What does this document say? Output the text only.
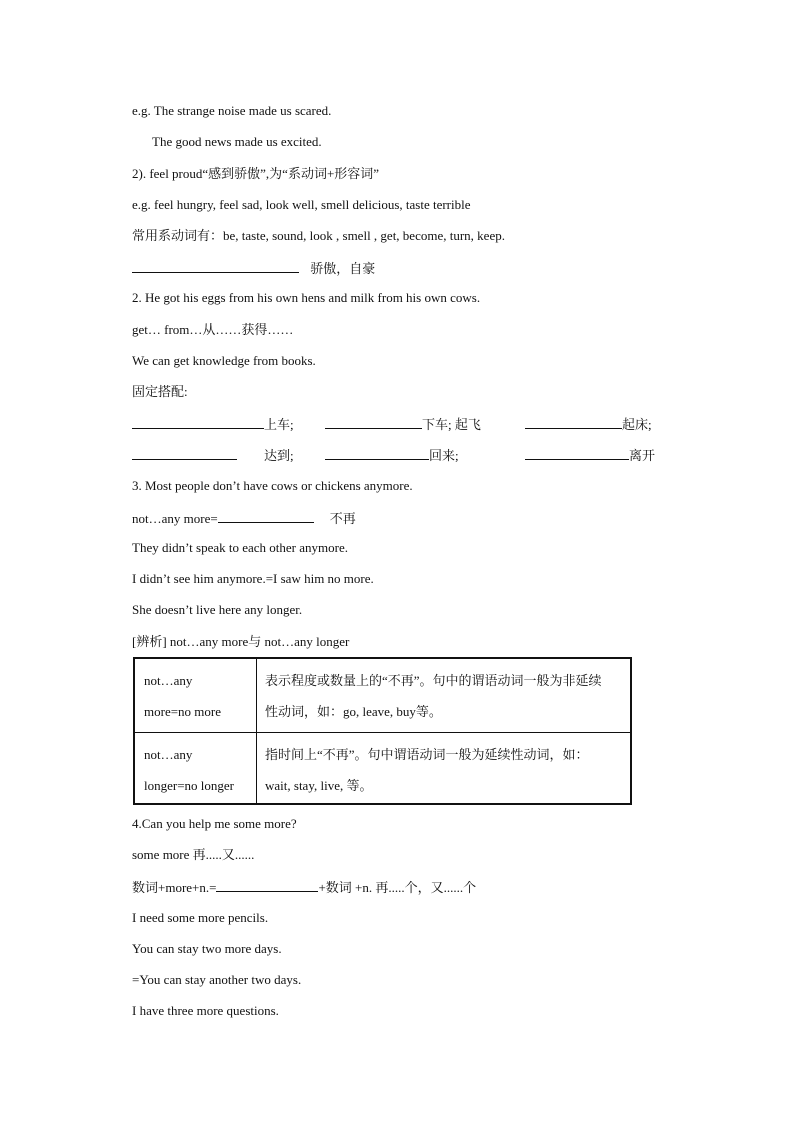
e.g. The strange noise made us scared.
The good news made us excited.
2). feel proud“感到骄傲”,为“系动词+形容词”
e.g. feel hungry, feel sad, look well, smell delicious, taste terrible
常用系动词有：be, taste, sound, look , smell , get, become, turn, keep.
骄傲，自豪
2. He got his eggs from his own hens and milk from his own cows.
get… from…从……获得……
We can get knowledge from books.
固定搭配:
上车;	下车; 起飞	起床;
达到;	回来;	离开
3. Most people don’t have cows or chickens anymore.
not…any more=	不再
They didn’t speak to each other anymore.
I didn’t see him anymore.=I saw him no more.
She doesn’t live here any longer.
[辨析] not…any more与 not…any longer
not…any
more=no more	表示程度或数量上的“不再”。句中的谓语动词一般为非延续
性动词，如：go, leave, buy等。

not…any
longer=no longer	指时间上“不再”。句中谓语动词一般为延续性动词，如：
wait, stay, live, 等。
4.Can you help me some more?
some more 再.....又......
数词+more+n.=	+数词 +n. 再.....个，又......个
I need some more pencils.
You can stay two more days.
=You can stay another two days.
I have three more questions.
